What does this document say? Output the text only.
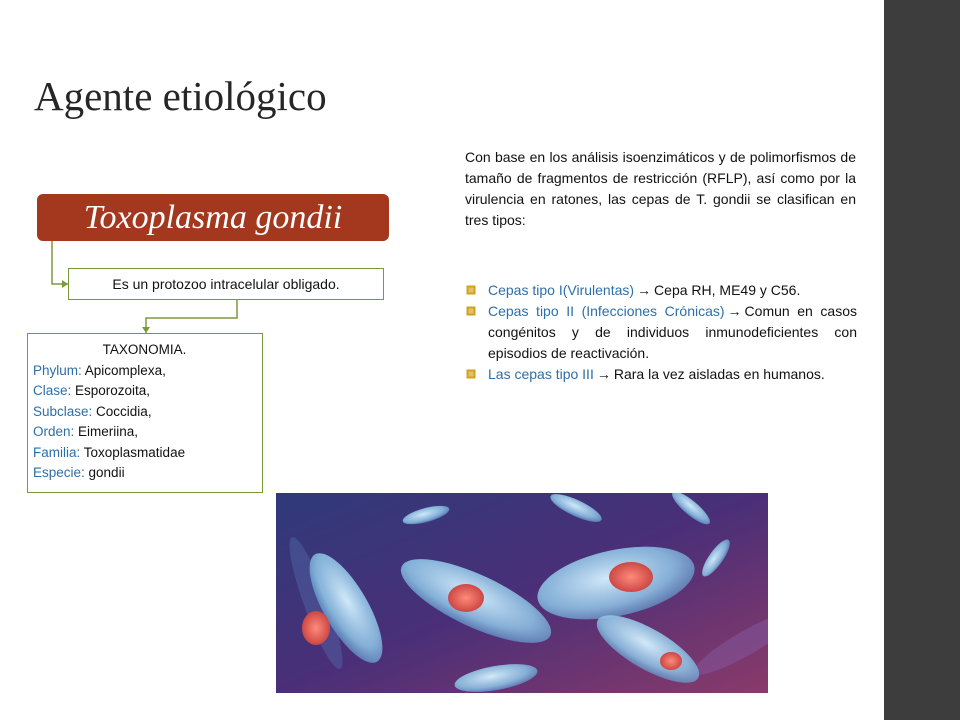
Agente etiológico
Toxoplasma gondii
Es un protozoo intracelular obligado.
TAXONOMIA.
Phylum: Apicomplexa,
Clase: Esporozoita,
Subclase: Coccidia,
Orden: Eimeriina,
Familia: Toxoplasmatidae
Especie: gondii

Con base en los análisis isoenzimáticos y de polimorfismos de tamaño de fragmentos de restricción (RFLP), así como por la virulencia en ratones, las cepas de T. gondii se clasifican en tres tipos:

Cepas tipo I(Virulentas) → Cepa RH, ME49 y C56.
Cepas tipo II (Infecciones Crónicas) → Comun en casos congénitos y de individuos inmunodeficientes con episodios de reactivación.
Las cepas tipo III → Rara la vez aisladas en humanos.
